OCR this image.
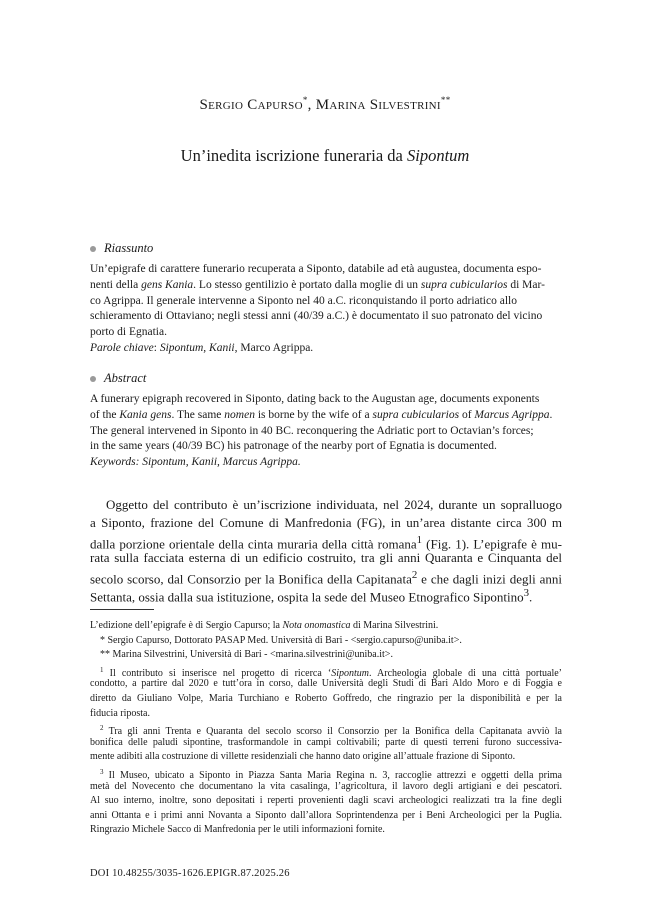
Sergio Capurso*, Marina Silvestrini**
Un’inedita iscrizione funeraria da Sipontum
Riassunto
Un’epigrafe di carattere funerario recuperata a Siponto, databile ad età augustea, documenta espo-
nenti della gens Kania. Lo stesso gentilizio è portato dalla moglie di un supra cubicularios di Mar-
co Agrippa. Il generale intervenne a Siponto nel 40 a.C. riconquistando il porto adriatico allo
schieramento di Ottaviano; negli stessi anni (40/39 a.C.) è documentato il suo patronato del vicino
porto di Egnatia.
Parole chiave: Sipontum, Kanii, Marco Agrippa.
Abstract
A funerary epigraph recovered in Siponto, dating back to the Augustan age, documents exponents
of the Kania gens. The same nomen is borne by the wife of a supra cubicularios of Marcus Agrippa.
The general intervened in Siponto in 40 BC. reconquering the Adriatic port to Octavian’s forces;
in the same years (40/39 BC) his patronage of the nearby port of Egnatia is documented.
Keywords: Sipontum, Kanii, Marcus Agrippa.
Oggetto del contributo è un’iscrizione individuata, nel 2024, durante un sopralluogo
a Siponto, frazione del Comune di Manfredonia (FG), in un’area distante circa 300 m
dalla porzione orientale della cinta muraria della città romana$^1$ (Fig. 1). L’epigrafe è mu-
rata sulla facciata esterna di un edificio costruito, tra gli anni Quaranta e Cinquanta del
secolo scorso, dal Consorzio per la Bonifica della Capitanata$^2$ e che dagli inizi degli anni
Settanta, ossia dalla sua istituzione, ospita la sede del Museo Etnografico Sipontino$^3$.
L’edizione dell’epigrafe è di Sergio Capurso; la Nota onomastica di Marina Silvestrini.
* Sergio Capurso, Dottorato PASAP Med. Università di Bari - <sergio.capurso@uniba.it>.
** Marina Silvestrini, Università di Bari - <marina.silvestrini@uniba.it>.
$^1$ Il contributo si inserisce nel progetto di ricerca ‘Sipontum. Archeologia globale di una città portuale’
condotto, a partire dal 2020 e tutt’ora in corso, dalle Università degli Studi di Bari Aldo Moro e di Foggia e
diretto da Giuliano Volpe, Maria Turchiano e Roberto Goffredo, che ringrazio per la disponibilità e per la
fiducia riposta.
$^2$ Tra gli anni Trenta e Quaranta del secolo scorso il Consorzio per la Bonifica della Capitanata avviò la
bonifica delle paludi sipontine, trasformandole in campi coltivabili; parte di questi terreni furono successiva-
mente adibiti alla costruzione di villette residenziali che hanno dato origine all’attuale frazione di Siponto.
$^3$ Il Museo, ubicato a Siponto in Piazza Santa Maria Regina n. 3, raccoglie attrezzi e oggetti della prima
metà del Novecento che documentano la vita casalinga, l’agricoltura, il lavoro degli artigiani e dei pescatori.
Al suo interno, inoltre, sono depositati i reperti provenienti dagli scavi archeologici realizzati tra la fine degli
anni Ottanta e i primi anni Novanta a Siponto dall’allora Soprintendenza per i Beni Archeologici per la Puglia.
Ringrazio Michele Sacco di Manfredonia per le utili informazioni fornite.
DOI 10.48255/3035-1626.EPIGR.87.2025.26
